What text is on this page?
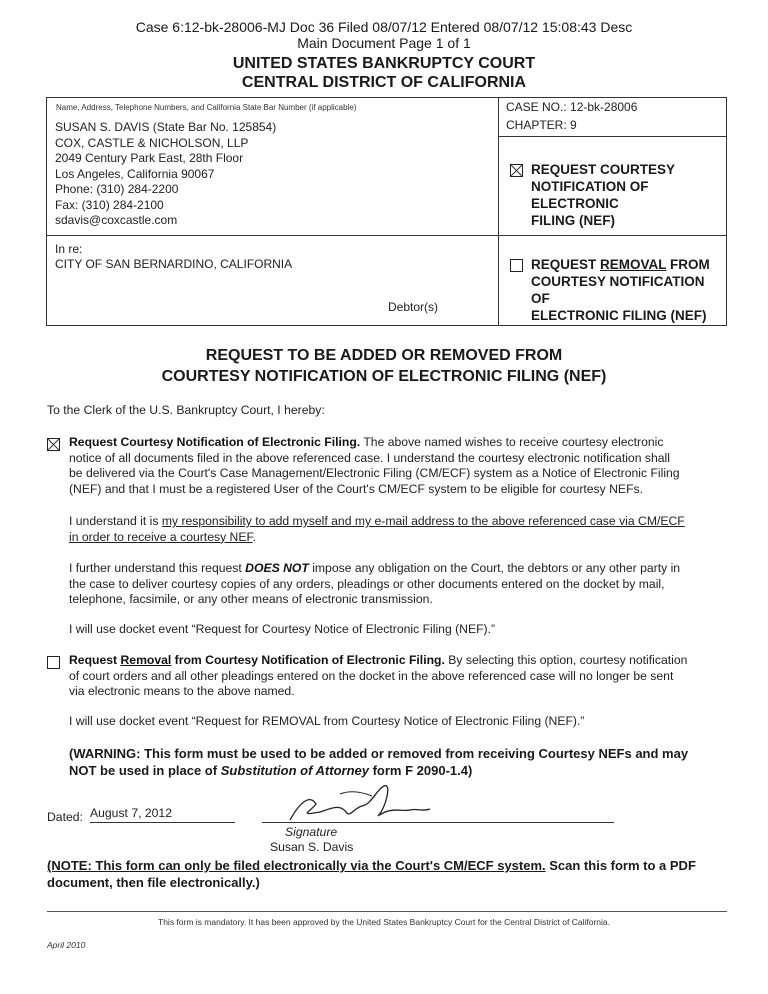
Case 6:12-bk-28006-MJ Doc 36 Filed 08/07/12 Entered 08/07/12 15:08:43 Desc
Main Document Page 1 of 1
UNITED STATES BANKRUPTCY COURT
CENTRAL DISTRICT OF CALIFORNIA
Name, Address, Telephone Numbers, and California State Bar Number (if applicable)
SUSAN S. DAVIS (State Bar No. 125854)
COX, CASTLE & NICHOLSON, LLP
2049 Century Park East, 28th Floor
Los Angeles, California 90067
Phone: (310) 284-2200
Fax: (310) 284-2100
sdavis@coxcastle.com
CASE NO.: 12-bk-28006
CHAPTER: 9
REQUEST COURTESY
NOTIFICATION OF ELECTRONIC
FILING (NEF)
In re:
CITY OF SAN BERNARDINO, CALIFORNIA
Debtor(s)
REQUEST REMOVAL FROM
COURTESY NOTIFICATION OF
ELECTRONIC FILING (NEF)
REQUEST TO BE ADDED OR REMOVED FROM
COURTESY NOTIFICATION OF ELECTRONIC FILING (NEF)
To the Clerk of the U.S. Bankruptcy Court, I hereby:
Request Courtesy Notification of Electronic Filing. The above named wishes to receive courtesy electronic
notice of all documents filed in the above referenced case. I understand the courtesy electronic notification shall
be delivered via the Court's Case Management/Electronic Filing (CM/ECF) system as a Notice of Electronic Filing
(NEF) and that I must be a registered User of the Court's CM/ECF system to be eligible for courtesy NEFs.
I understand it is my responsibility to add myself and my e-mail address to the above referenced case via CM/ECF
in order to receive a courtesy NEF.
I further understand this request DOES NOT impose any obligation on the Court, the debtors or any other party in
the case to deliver courtesy copies of any orders, pleadings or other documents entered on the docket by mail,
telephone, facsimile, or any other means of electronic transmission.
I will use docket event “Request for Courtesy Notice of Electronic Filing (NEF).”
Request Removal from Courtesy Notification of Electronic Filing. By selecting this option, courtesy notification
of court orders and all other pleadings entered on the docket in the above referenced case will no longer be sent
via electronic means to the above named.
I will use docket event “Request for REMOVAL from Courtesy Notice of Electronic Filing (NEF).”
(WARNING: This form must be used to be added or removed from receiving Courtesy NEFs and may
NOT be used in place of Substitution of Attorney form F 2090-1.4)
Dated: August 7, 2012
Signature
Susan S. Davis
(NOTE: This form can only be filed electronically via the Court's CM/ECF system. Scan this form to a PDF
document, then file electronically.)
This form is mandatory. It has been approved by the United States Bankruptcy Court for the Central District of California.
April 2010
